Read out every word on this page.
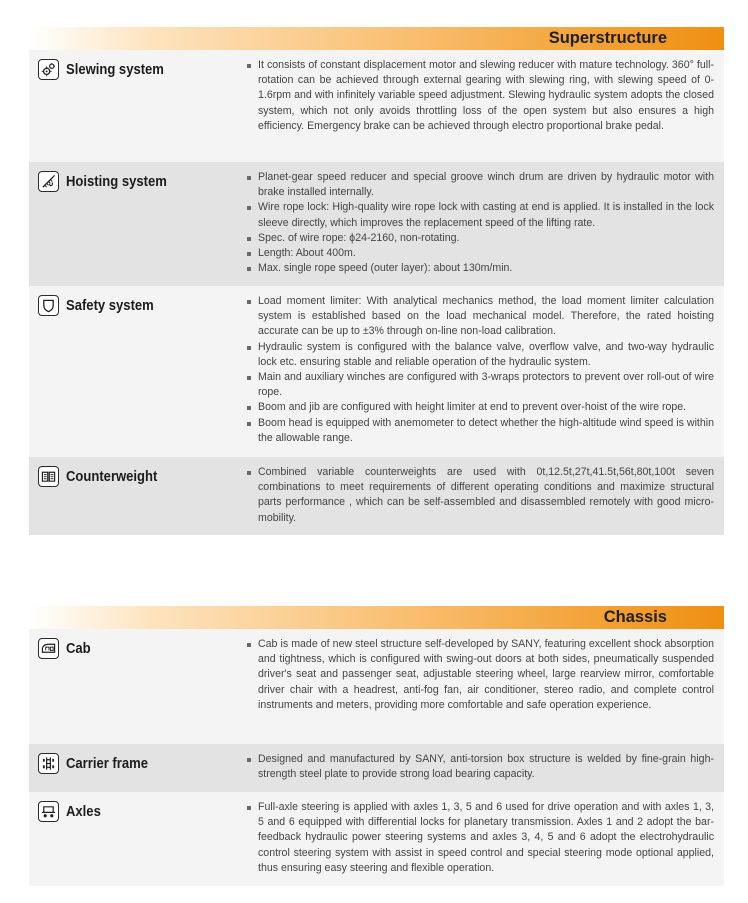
Superstructure
Slewing system	It consists of constant displacement motor and slewing reducer with mature technology. 360° full-rotation can be achieved through external gearing with slewing ring, with slewing speed of 0-1.6rpm and with infinitely variable speed adjustment. Slewing hydraulic system adopts the closed system, which not only avoids throttling loss of the open system but also ensures a high efficiency. Emergency brake can be achieved through electro proportional brake pedal.
Hoisting system	Planet-gear speed reducer and special groove winch drum are driven by hydraulic motor with brake installed internally.
Wire rope lock: High-quality wire rope lock with casting at end is applied. It is installed in the lock sleeve directly, which improves the replacement speed of the lifting rate.
Spec. of wire rope: ϕ24-2160, non-rotating.
Length: About 400m.
Max. single rope speed (outer layer): about 130m/min.
Safety system	Load moment limiter: With analytical mechanics method, the load moment limiter calculation system is established based on the load mechanical model. Therefore, the rated hoisting accurate can be up to ±3% through on-line non-load calibration.
Hydraulic system is configured with the balance valve, overflow valve, and two-way hydraulic lock etc. ensuring stable and reliable operation of the hydraulic system.
Main and auxiliary winches are configured with 3-wraps protectors to prevent over roll-out of wire rope.
Boom and jib are configured with height limiter at end to prevent over-hoist of the wire rope.
Boom head is equipped with anemometer to detect whether the high-altitude wind speed is within the allowable range.
Counterweight	Combined variable counterweights are used with 0t,12.5t,27t,41.5t,56t,80t,100t seven combinations to meet requirements of different operating conditions and maximize structural parts performance , which can be self-assembled and disassembled remotely with good micro-mobility.
Chassis
Cab	Cab is made of new steel structure self-developed by SANY, featuring excellent shock absorption and tightness, which is configured with swing-out doors at both sides, pneumatically suspended driver's seat and passenger seat, adjustable steering wheel, large rearview mirror, comfortable driver chair with a headrest, anti-fog fan, air conditioner, stereo radio, and complete control instruments and meters, providing more comfortable and safe operation experience.
Carrier frame	Designed and manufactured by SANY, anti-torsion box structure is welded by fine-grain high-strength steel plate to provide strong load bearing capacity.
Axles	Full-axle steering is applied with axles 1, 3, 5 and 6 used for drive operation and with axles 1, 3, 5 and 6 equipped with differential locks for planetary transmission. Axles 1 and 2 adopt the bar-feedback hydraulic power steering systems and axles 3, 4, 5 and 6 adopt the electrohydraulic control steering system with assist in speed control and special steering mode optional applied, thus ensuring easy steering and flexible operation.
